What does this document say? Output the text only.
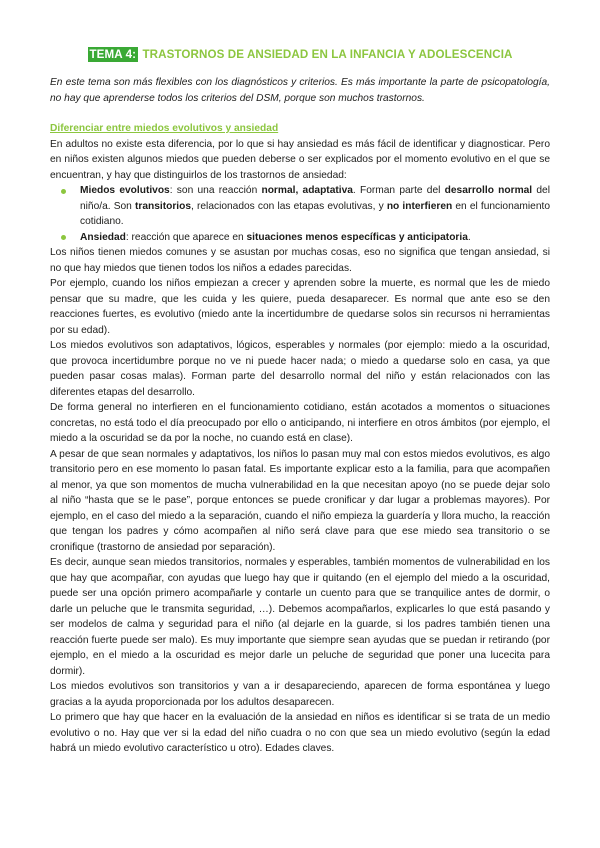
TEMA 4: TRASTORNOS DE ANSIEDAD EN LA INFANCIA Y ADOLESCENCIA

En este tema son más flexibles con los diagnósticos y criterios. Es más importante la parte de psicopatología, no hay que aprenderse todos los criterios del DSM, porque son muchos trastornos.

Diferenciar entre miedos evolutivos y ansiedad

En adultos no existe esta diferencia, por lo que si hay ansiedad es más fácil de identificar y diagnosticar. Pero en niños existen algunos miedos que pueden deberse o ser explicados por el momento evolutivo en el que se encuentran, y hay que distinguirlos de los trastornos de ansiedad:

Miedos evolutivos: son una reacción normal, adaptativa. Forman parte del desarrollo normal del niño/a. Son transitorios, relacionados con las etapas evolutivas, y no interfieren en el funcionamiento cotidiano.
Ansiedad: reacción que aparece en situaciones menos específicas y anticipatoria.

Los niños tienen miedos comunes y se asustan por muchas cosas, eso no significa que tengan ansiedad, si no que hay miedos que tienen todos los niños a edades parecidas.

Por ejemplo, cuando los niños empiezan a crecer y aprenden sobre la muerte, es normal que les de miedo pensar que su madre, que les cuida y les quiere, pueda desaparecer. Es normal que ante eso se den reacciones fuertes, es evolutivo (miedo ante la incertidumbre de quedarse solos sin recursos ni herramientas por su edad).

Los miedos evolutivos son adaptativos, lógicos, esperables y normales (por ejemplo: miedo a la oscuridad, que provoca incertidumbre porque no ve ni puede hacer nada; o miedo a quedarse solo en casa, ya que pueden pasar cosas malas). Forman parte del desarrollo normal del niño y están relacionados con las diferentes etapas del desarrollo.

De forma general no interfieren en el funcionamiento cotidiano, están acotados a momentos o situaciones concretas, no está todo el día preocupado por ello o anticipando, ni interfiere en otros ámbitos (por ejemplo, el miedo a la oscuridad se da por la noche, no cuando está en clase).

A pesar de que sean normales y adaptativos, los niños lo pasan muy mal con estos miedos evolutivos, es algo transitorio pero en ese momento lo pasan fatal. Es importante explicar esto a la familia, para que acompañen al menor, ya que son momentos de mucha vulnerabilidad en la que necesitan apoyo (no se puede dejar solo al niño “hasta que se le pase”, porque entonces se puede cronificar y dar lugar a problemas mayores). Por ejemplo, en el caso del miedo a la separación, cuando el niño empieza la guardería y llora mucho, la reacción que tengan los padres y cómo acompañen al niño será clave para que ese miedo sea transitorio o se cronifique (trastorno de ansiedad por separación).

Es decir, aunque sean miedos transitorios, normales y esperables, también momentos de vulnerabilidad en los que hay que acompañar, con ayudas que luego hay que ir quitando (en el ejemplo del miedo a la oscuridad, puede ser una opción primero acompañarle y contarle un cuento para que se tranquilice antes de dormir, o darle un peluche que le transmita seguridad, …). Debemos acompañarlos, explicarles lo que está pasando y ser modelos de calma y seguridad para el niño (al dejarle en la guarde, si los padres también tienen una reacción fuerte puede ser malo). Es muy importante que siempre sean ayudas que se puedan ir retirando (por ejemplo, en el miedo a la oscuridad es mejor darle un peluche de seguridad que poner una lucecita para dormir).

Los miedos evolutivos son transitorios y van a ir desapareciendo, aparecen de forma espontánea y luego gracias a la ayuda proporcionada por los adultos desaparecen.

Lo primero que hay que hacer en la evaluación de la ansiedad en niños es identificar si se trata de un medio evolutivo o no. Hay que ver si la edad del niño cuadra o no con que sea un miedo evolutivo (según la edad habrá un miedo evolutivo característico u otro). Edades claves.
